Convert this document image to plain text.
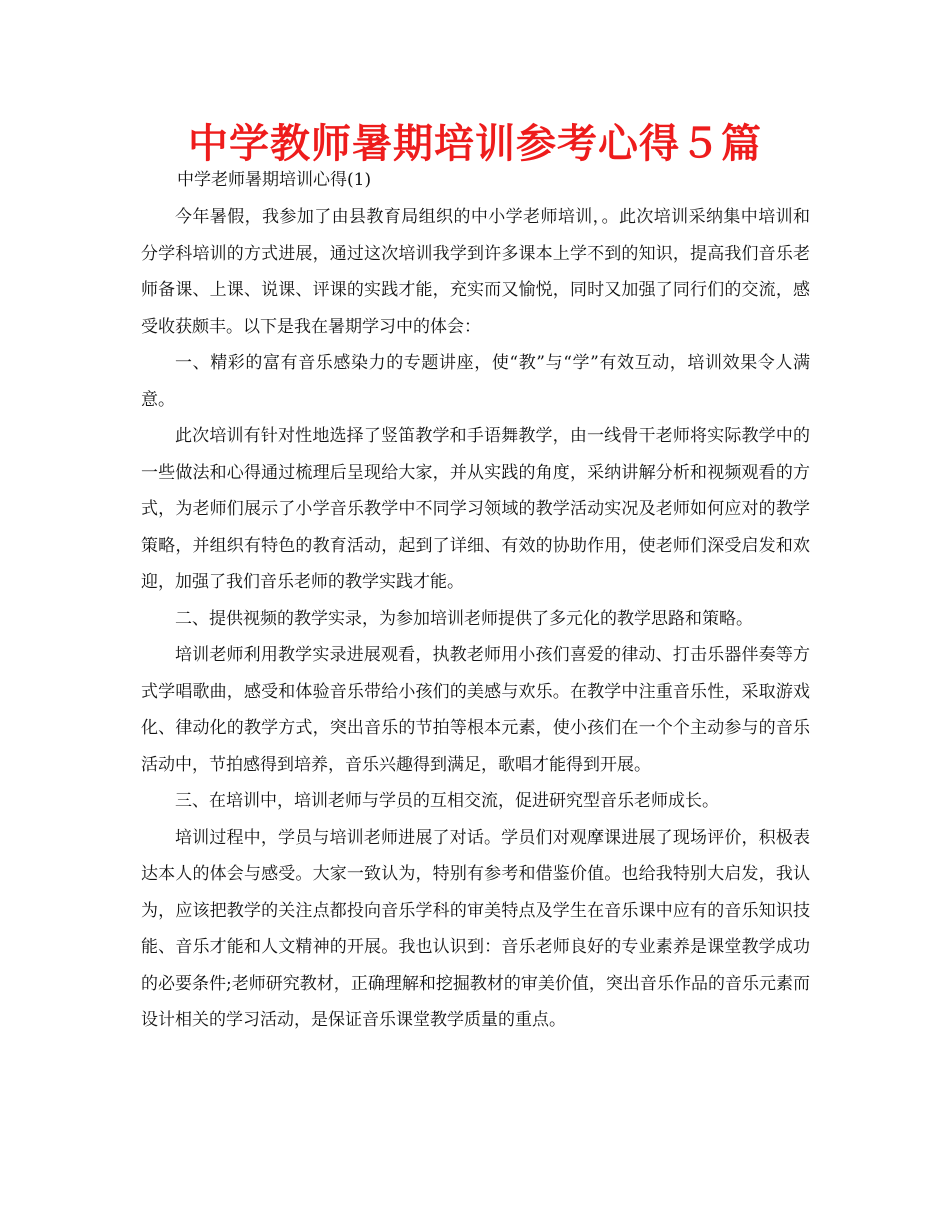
中学教师暑期培训参考心得５篇
中学老师暑期培训心得(1)

今年暑假，我参加了由县教育局组织的中小学老师培训，。此次培训采纳集中培训和分学科培训的方式进展，通过这次培训我学到许多课本上学不到的知识，提高我们音乐老师备课、上课、说课、评课的实践才能，充实而又愉悦，同时又加强了同行们的交流，感受收获颇丰。以下是我在暑期学习中的体会：

一、精彩的富有音乐感染力的专题讲座，使“教”与“学”有效互动，培训效果令人满意。

此次培训有针对性地选择了竖笛教学和手语舞教学，由一线骨干老师将实际教学中的一些做法和心得通过梳理后呈现给大家，并从实践的角度，采纳讲解分析和视频观看的方式，为老师们展示了小学音乐教学中不同学习领域的教学活动实况及老师如何应对的教学策略，并组织有特色的教育活动，起到了详细、有效的协助作用，使老师们深受启发和欢迎，加强了我们音乐老师的教学实践才能。

二、提供视频的教学实录，为参加培训老师提供了多元化的教学思路和策略。

培训老师利用教学实录进展观看，执教老师用小孩们喜爱的律动、打击乐器伴奏等方式学唱歌曲，感受和体验音乐带给小孩们的美感与欢乐。在教学中注重音乐性，采取游戏化、律动化的教学方式，突出音乐的节拍等根本元素，使小孩们在一个个主动参与的音乐活动中，节拍感得到培养，音乐兴趣得到满足，歌唱才能得到开展。

三、在培训中，培训老师与学员的互相交流，促进研究型音乐老师成长。

培训过程中，学员与培训老师进展了对话。学员们对观摩课进展了现场评价，积极表达本人的体会与感受。大家一致认为，特别有参考和借鉴价值。也给我特别大启发，我认为，应该把教学的关注点都投向音乐学科的审美特点及学生在音乐课中应有的音乐知识技能、音乐才能和人文精神的开展。我也认识到：音乐老师良好的专业素养是课堂教学成功的必要条件;老师研究教材，正确理解和挖掘教材的审美价值，突出音乐作品的音乐元素而设计相关的学习活动，是保证音乐课堂教学质量的重点。
